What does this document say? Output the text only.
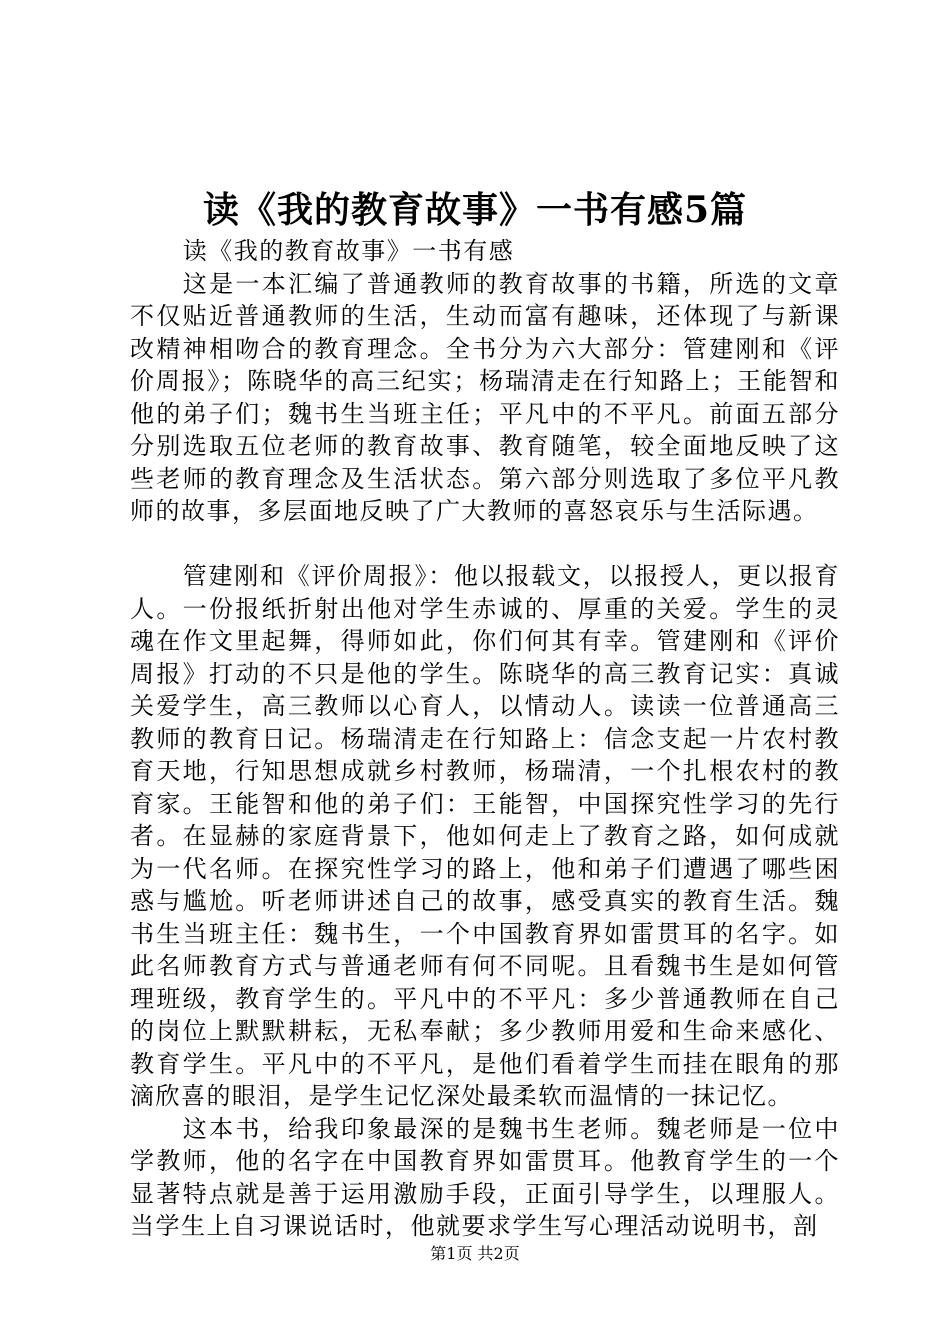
读《我的教育故事》一书有感5篇

读《我的教育故事》一书有感

这是一本汇编了普通教师的教育故事的书籍，所选的文章不仅贴近普通教师的生活，生动而富有趣味，还体现了与新课改精神相吻合的教育理念。全书分为六大部分：管建刚和《评价周报》；陈晓华的高三纪实；杨瑞清走在行知路上；王能智和他的弟子们；魏书生当班主任；平凡中的不平凡。前面五部分分别选取五位老师的教育故事、教育随笔，较全面地反映了这些老师的教育理念及生活状态。第六部分则选取了多位平凡教师的故事，多层面地反映了广大教师的喜怒哀乐与生活际遇。

管建刚和《评价周报》：他以报载文，以报授人，更以报育人。一份报纸折射出他对学生赤诚的、厚重的关爱。学生的灵魂在作文里起舞，得师如此，你们何其有幸。管建刚和《评价周报》打动的不只是他的学生。陈晓华的高三教育记实：真诚关爱学生，高三教师以心育人，以情动人。读读一位普通高三教师的教育日记。杨瑞清走在行知路上：信念支起一片农村教育天地，行知思想成就乡村教师，杨瑞清，一个扎根农村的教育家。王能智和他的弟子们：王能智，中国探究性学习的先行者。在显赫的家庭背景下，他如何走上了教育之路，如何成就为一代名师。在探究性学习的路上，他和弟子们遭遇了哪些困惑与尴尬。听老师讲述自己的故事，感受真实的教育生活。魏书生当班主任：魏书生，一个中国教育界如雷贯耳的名字。如此名师教育方式与普通老师有何不同呢。且看魏书生是如何管理班级，教育学生的。平凡中的不平凡：多少普通教师在自己的岗位上默默耕耘，无私奉献；多少教师用爱和生命来感化、教育学生。平凡中的不平凡，是他们看着学生而挂在眼角的那滴欣喜的眼泪，是学生记忆深处最柔软而温情的一抹记忆。

这本书，给我印象最深的是魏书生老师。魏老师是一位中学教师，他的名字在中国教育界如雷贯耳。他教育学生的一个显著特点就是善于运用激励手段，正面引导学生，以理服人。当学生上自习课说话时，他就要求学生写心理活动说明书，剖

第1页 共2页
